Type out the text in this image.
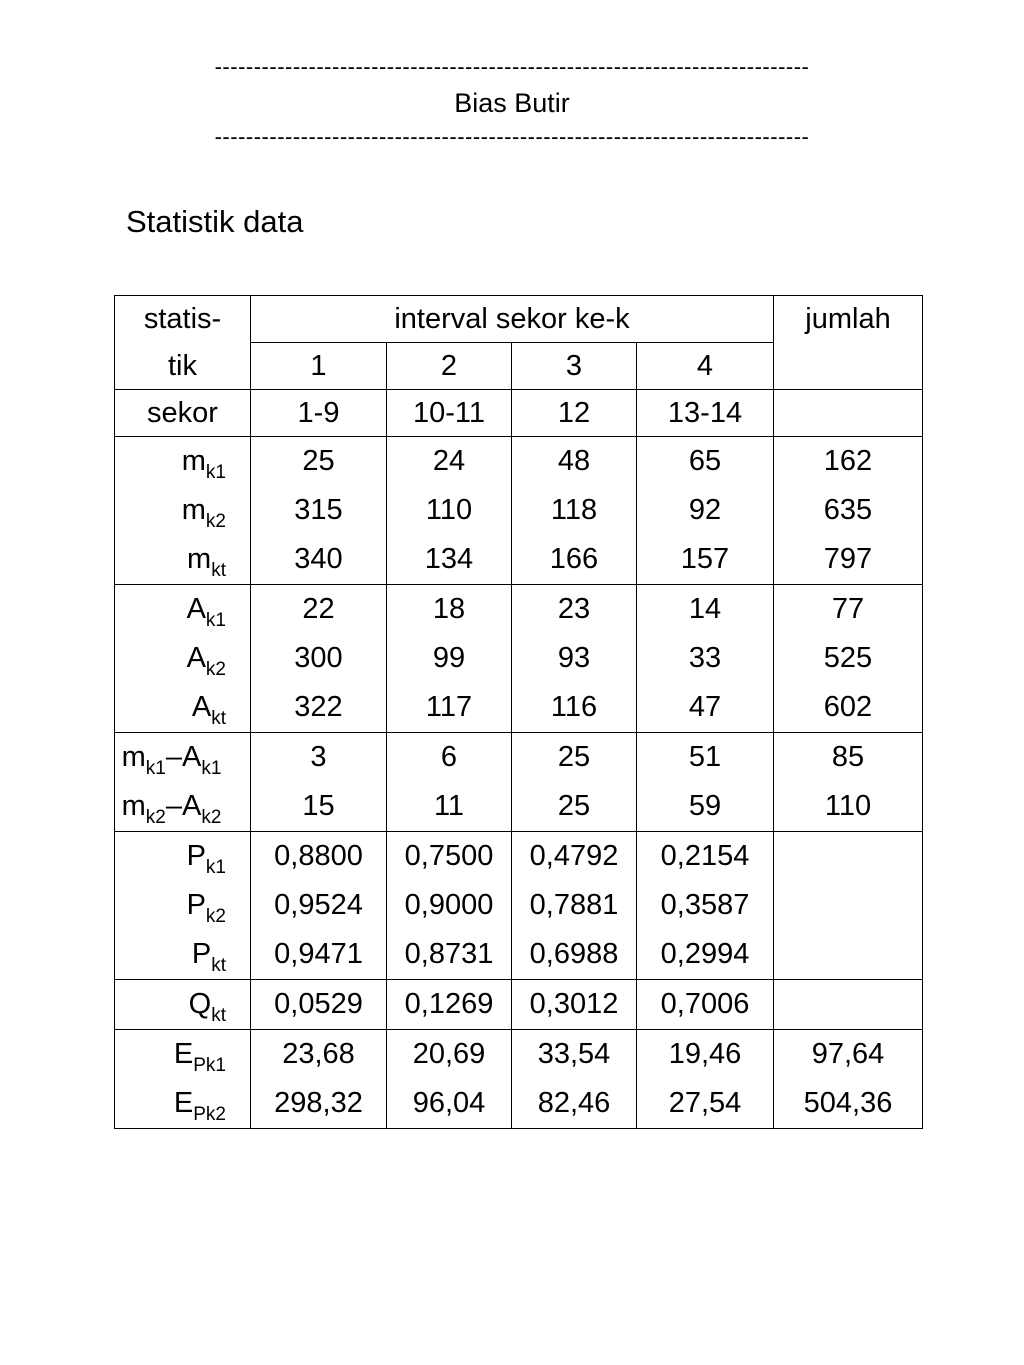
----------------------------------------------------------------------------
Bias Butir
----------------------------------------------------------------------------
Statistik data
statis-	interval sekor ke-k				jumlah
tik	1	2	3	4	
sekor	1-9	10-11	12	13-14	
$m_{k1}$	25	24	48	65	162
$m_{k2}$	315	110	118	92	635
$m_{kt}$	340	134	166	157	797
$A_{k1}$	22	18	23	14	77
$A_{k2}$	300	99	93	33	525
$A_{kt}$	322	117	116	47	602
$m_{k1}-A_{k1}$	3	6	25	51	85
$m_{k2}-A_{k2}$	15	11	25	59	110
$P_{k1}$	0,8800	0,7500	0,4792	0,2154	
$P_{k2}$	0,9524	0,9000	0,7881	0,3587	
$P_{kt}$	0,9471	0,8731	0,6988	0,2994	
$Q_{kt}$	0,0529	0,1269	0,3012	0,7006	
$E_{Pk1}$	23,68	20,69	33,54	19,46	97,64
$E_{Pk2}$	298,32	96,04	82,46	27,54	504,36
